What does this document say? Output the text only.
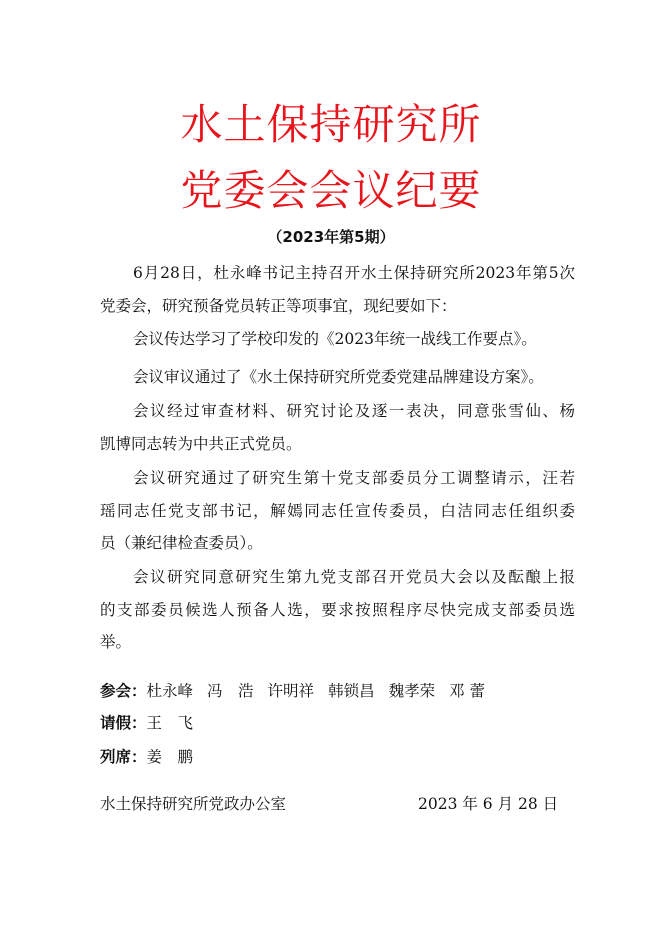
水土保持研究所
党委会会议纪要
（2023年第5期）
6月28日，杜永峰书记主持召开水土保持研究所2023年第5次
党委会，研究预备党员转正等项事宜，现纪要如下：
会议传达学习了学校印发的《2023年统一战线工作要点》。
会议审议通过了《水土保持研究所党委党建品牌建设方案》。
会议经过审查材料、研究讨论及逐一表决，同意张雪仙、杨
凯博同志转为中共正式党员。
会议研究通过了研究生第十党支部委员分工调整请示，汪若
瑶同志任党支部书记，解嫣同志任宣传委员，白洁同志任组织委
员（兼纪律检查委员）。
会议研究同意研究生第九党支部召开党员大会以及酝酿上报
的支部委员候选人预备人选，要求按照程序尽快完成支部委员选
举。
参会：杜永峰 冯　浩 许明祥 韩锁昌 魏孝荣 邓 蕾
请假：王　飞
列席：姜　鹏
水土保持研究所党政办公室	2023 年 6 月 28 日
